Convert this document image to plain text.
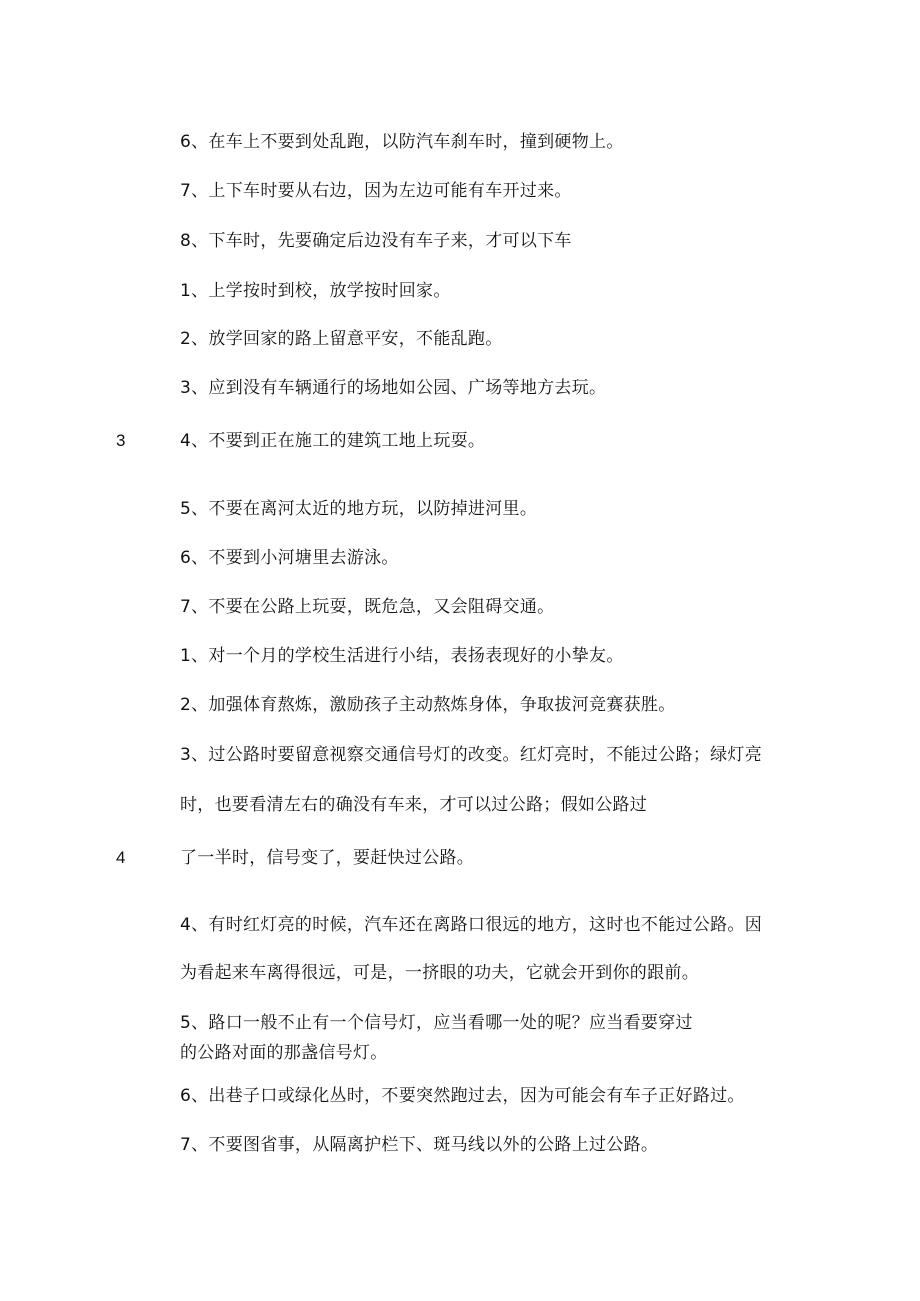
6、在车上不要到处乱跑，以防汽车刹车时，撞到硬物上。
7、上下车时要从右边，因为左边可能有车开过来。
8、下车时，先要确定后边没有车子来，才可以下车
1、上学按时到校，放学按时回家。
2、放学回家的路上留意平安，不能乱跑。
3、应到没有车辆通行的场地如公园、广场等地方去玩。
3	4、不要到正在施工的建筑工地上玩耍。
5、不要在离河太近的地方玩，以防掉进河里。
6、不要到小河塘里去游泳。
7、不要在公路上玩耍，既危急，又会阻碍交通。
1、对一个月的学校生活进行小结，表扬表现好的小挚友。
2、加强体育熬炼，激励孩子主动熬炼身体，争取拔河竞赛获胜。
3、过公路时要留意视察交通信号灯的改变。红灯亮时，不能过公路；绿灯亮
时，也要看清左右的确没有车来，才可以过公路；假如公路过
4	了一半时，信号变了，要赶快过公路。
4、有时红灯亮的时候，汽车还在离路口很远的地方，这时也不能过公路。因
为看起来车离得很远，可是，一挤眼的功夫，它就会开到你的跟前。
5、路口一般不止有一个信号灯，应当看哪一处的呢？应当看要穿过
的公路对面的那盏信号灯。
6、出巷子口或绿化丛时，不要突然跑过去，因为可能会有车子正好路过。
7、不要图省事，从隔离护栏下、斑马线以外的公路上过公路。
